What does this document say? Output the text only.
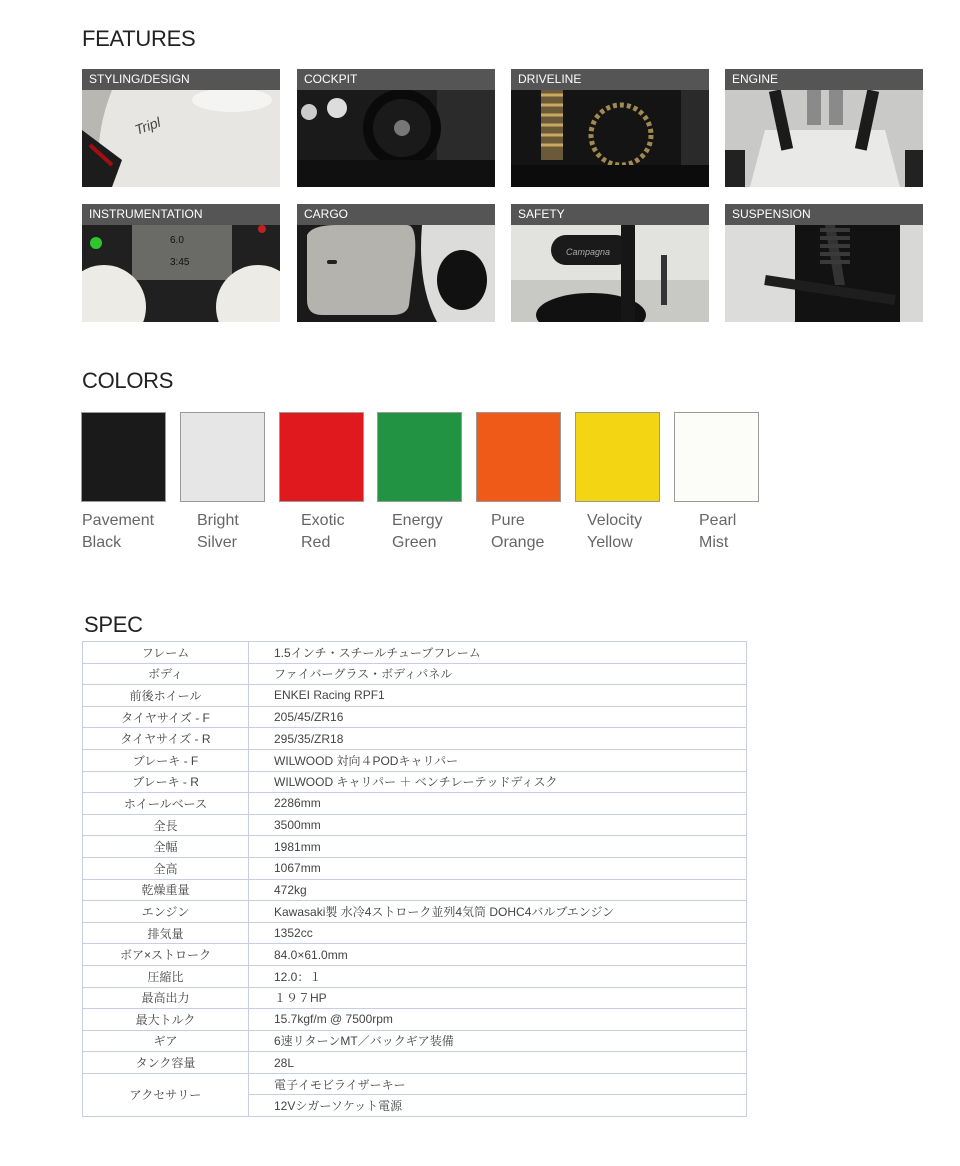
FEATURES
STYLING/DESIGN
Tripl
COCKPIT	DRIVELINE	ENGINE
INSTRUMENTATION
6.0
3:45
CARGO	SAFETY
Campagna
SUSPENSION
COLORS
Pavement
Black
Bright
Silver
Exotic
Red
Energy
Green
Pure
Orange
Velocity
Yellow
Pearl
Mist
SPEC
フレーム	1.5インチ・スチールチューブフレーム
ボディ	ファイバーグラス・ボディパネル
前後ホイール	ENKEI Racing RPF1
タイヤサイズ - F	205/45/ZR16
タイヤサイズ - R	295/35/ZR18
ブレーキ - F	WILWOOD 対向４PODキャリパー
ブレーキ - R	WILWOOD キャリパー ＋ ベンチレーテッドディスク
ホイールベース	2286mm
全長	3500mm
全幅	1981mm
全高	1067mm
乾燥重量	472kg
エンジン	Kawasaki製 水冷4ストローク並列4気筒 DOHC4バルブエンジン
排気量	1352cc
ボア×ストローク	84.0×61.0mm
圧縮比	12.0：１
最高出力	１９７HP
最大トルク	15.7kgf/m @ 7500rpm
ギア	6速リターンMT／バックギア装備
タンク容量	28L
アクセサリー	電子イモビライザーキー
	12Vシガーソケット電源
